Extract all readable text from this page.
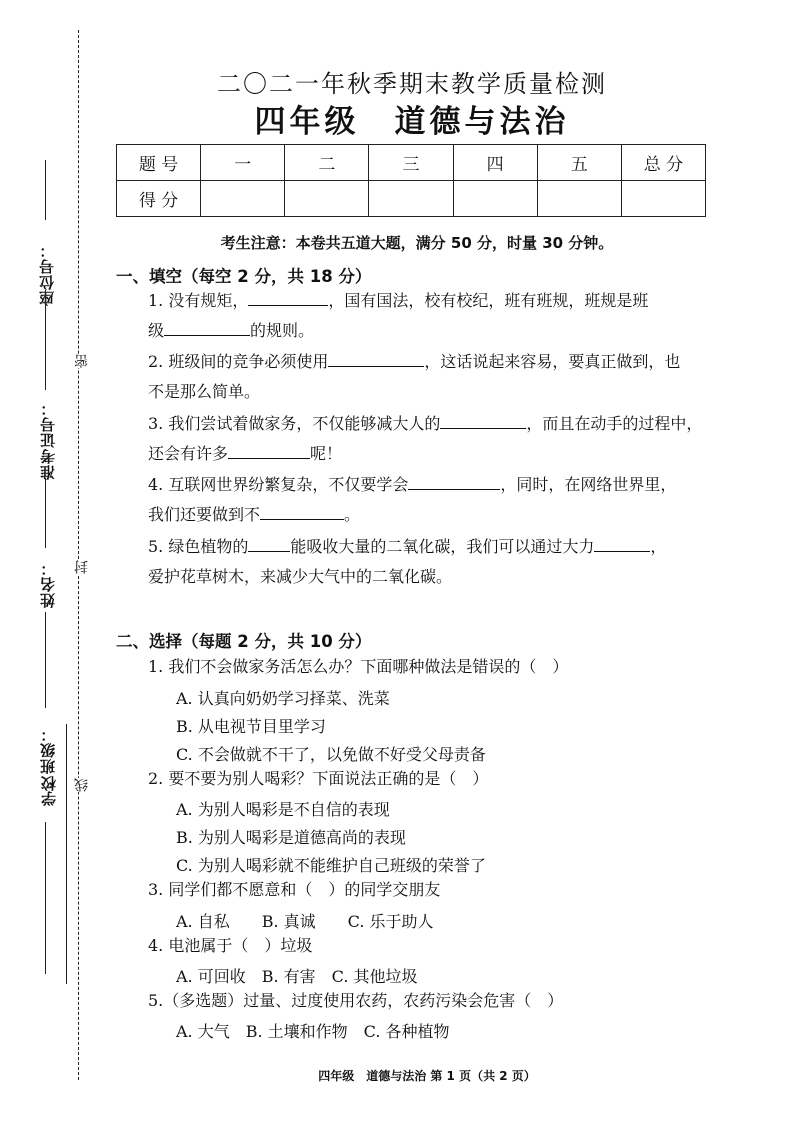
座位号：
准考证号：
姓名：
班级：
学校
密
封
线
二〇二一年秋季期末教学质量检测
四年级　道德与法治
题 号	一	二	三	四	五	总 分
得 分						
考生注意：本卷共五道大题，满分 50 分，时量 30 分钟。
一、填空（每空 2 分，共 18 分）
1. 没有规矩，	，国有国法，校有校纪，班有班规，班规是班
级	的规则。
2. 班级间的竞争必须使用	，这话说起来容易，要真正做到，也
不是那么简单。
3. 我们尝试着做家务，不仅能够减大人的	，而且在动手的过程中，
还会有许多	呢！
4. 互联网世界纷繁复杂，不仅要学会	，同时，在网络世界里，
我们还要做到不	。
5. 绿色植物的	能吸收大量的二氧化碳，我们可以通过大力	，
爱护花草树木，来减少大气中的二氧化碳。
二、选择（每题 2 分，共 10 分）
1. 我们不会做家务活怎么办？下面哪种做法是错误的（　）
A. 认真向奶奶学习择菜、洗菜
B. 从电视节目里学习
C. 不会做就不干了，以免做不好受父母责备
2. 要不要为别人喝彩？下面说法正确的是（　）
A. 为别人喝彩是不自信的表现
B. 为别人喝彩是道德高尚的表现
C. 为别人喝彩就不能维护自己班级的荣誉了
3. 同学们都不愿意和（　）的同学交朋友
A. 自私　　B. 真诚　　C. 乐于助人
4. 电池属于（　）垃圾
A. 可回收　B. 有害　C. 其他垃圾
5.（多选题）过量、过度使用农药，农药污染会危害（　）
A. 大气　B. 土壤和作物　C. 各种植物
四年级　道德与法治 第 1 页（共 2 页）
